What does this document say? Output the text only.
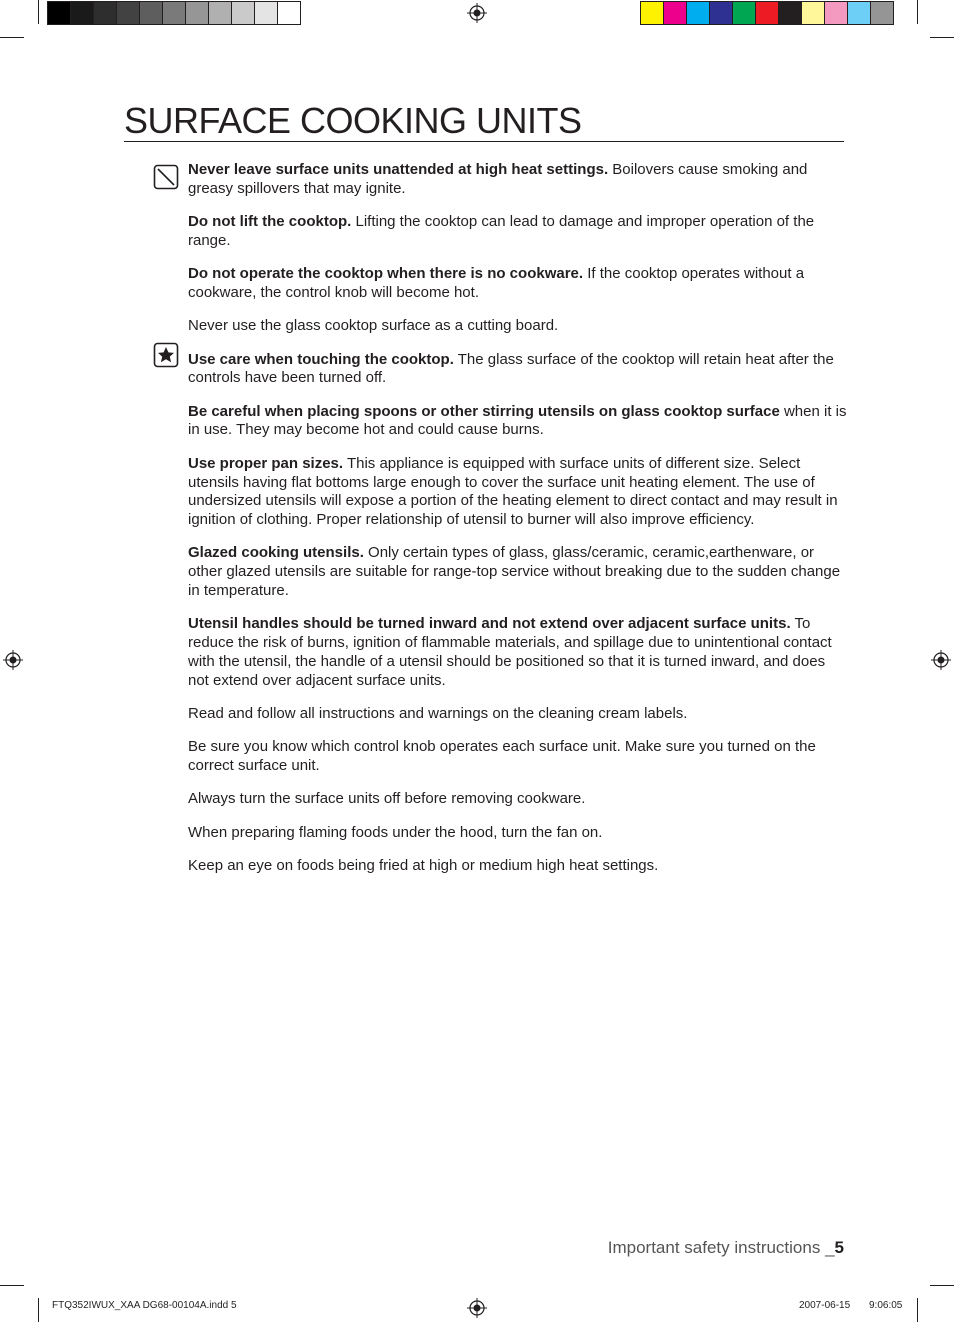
SURFACE COOKING UNITS

Never leave surface units unattended at high heat settings. Boilovers cause smoking and greasy spillovers that may ignite.

Do not lift the cooktop. Lifting the cooktop can lead to damage and improper operation of the range.

Do not operate the cooktop when there is no cookware. If the cooktop operates without a cookware, the control knob will become hot.

Never use the glass cooktop surface as a cutting board.

Use care when touching the cooktop. The glass surface of the cooktop will retain heat after the controls have been turned off.

Be careful when placing spoons or other stirring utensils on glass cooktop surface when it is in use. They may become hot and could cause burns.

Use proper pan sizes. This appliance is equipped with surface units of different size. Select utensils having flat bottoms large enough to cover the surface unit heating element. The use of undersized utensils will expose a portion of the heating element to direct contact and may result in ignition of clothing. Proper relationship of utensil to burner will also improve efficiency.

Glazed cooking utensils. Only certain types of glass, glass/ceramic, ceramic,earthenware, or other glazed utensils are suitable for range-top service without breaking due to the sudden change in temperature.

Utensil handles should be turned inward and not extend over adjacent surface units. To reduce the risk of burns, ignition of flammable materials, and spillage due to unintentional contact with the utensil, the handle of a utensil should be positioned so that it is turned inward, and does not extend over adjacent surface units.

Read and follow all instructions and warnings on the cleaning cream labels.

Be sure you know which control knob operates each surface unit. Make sure you turned on the correct surface unit.

Always turn the surface units off before removing cookware.

When preparing flaming foods under the hood, turn the fan on.

Keep an eye on foods being fried at high or medium high heat settings.

Important safety instructions _5
FTQ352IWUX_XAA DG68-00104A.indd 5	2007-06-15 9:06:05
